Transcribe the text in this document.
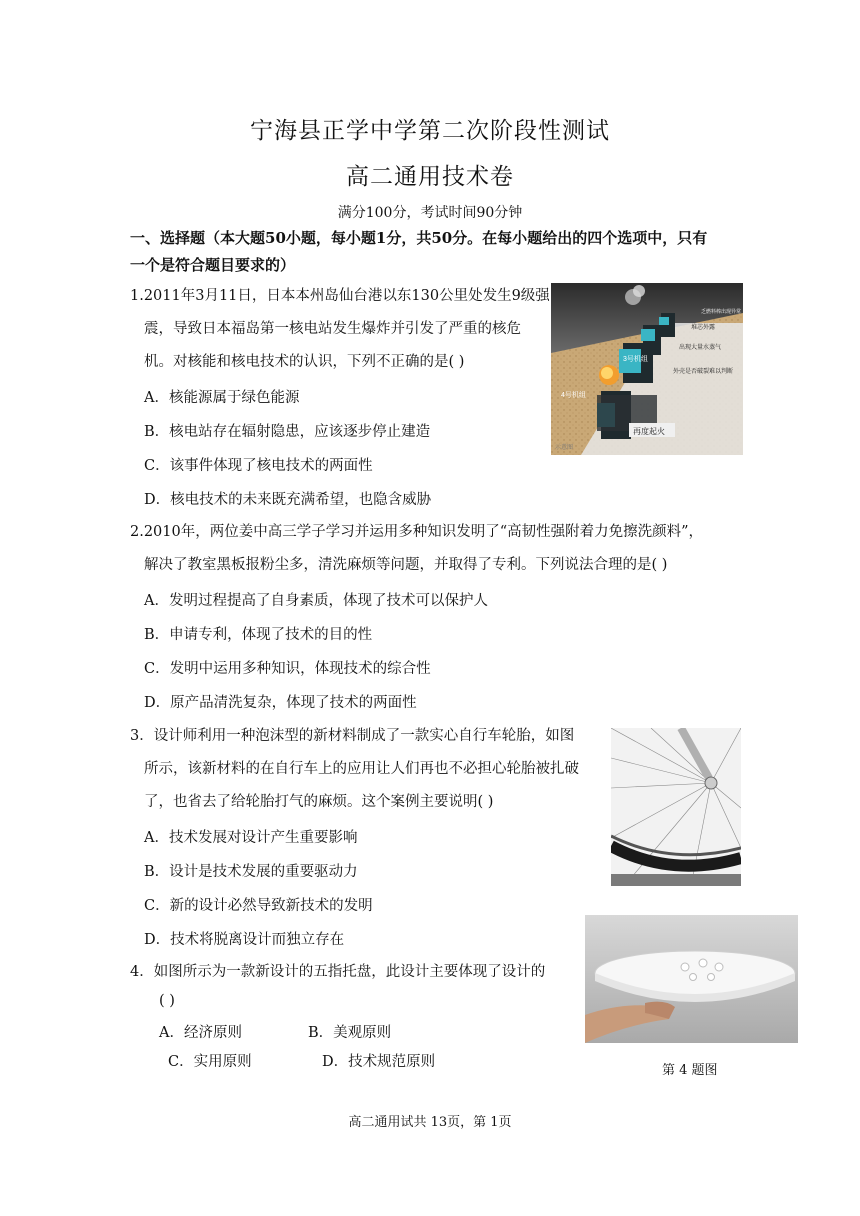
宁海县正学中学第二次阶段性测试
高二通用技术卷
满分100分，考试时间90分钟
一、选择题（本大题50小题，每小题1分，共50分。在每小题给出的四个选项中，只有
一个是符合题目要求的）
1.2011年3月11日，日本本州岛仙台港以东130公里处发生9级强
震，导致日本福岛第一核电站发生爆炸并引发了严重的核危
机。对核能和核电技术的认识，下列不正确的是( )
A．核能源属于绿色能源
B．核电站存在辐射隐患，应该逐步停止建造
C．该事件体现了核电技术的两面性
D．核电技术的未来既充满希望，也隐含威胁
4号机组
3号机组
再度起火
外壳是否破裂难以判断
出现大量水蒸气
堆芯外露
乏燃料棒出现异常
示意图
2.2010年，两位姜中高三学子学习并运用多种知识发明了“高韧性强附着力免擦洗颜料”，
解决了教室黑板报粉尘多，清洗麻烦等问题，并取得了专利。下列说法合理的是( )
A．发明过程提高了自身素质，体现了技术可以保护人
B．申请专利，体现了技术的目的性
C．发明中运用多种知识，体现技术的综合性
D．原产品清洗复杂，体现了技术的两面性
3．设计师利用一种泡沫型的新材料制成了一款实心自行车轮胎，如图
所示，该新材料的在自行车上的应用让人们再也不必担心轮胎被扎破
了，也省去了给轮胎打气的麻烦。这个案例主要说明( )
A．技术发展对设计产生重要影响
B．设计是技术发展的重要驱动力
C．新的设计必然导致新技术的发明
D．技术将脱离设计而独立存在
4．如图所示为一款新设计的五指托盘，此设计主要体现了设计的
( )
A．经济原则	B．美观原则
C．实用原则	D．技术规范原则
第 4 题图
高二通用试共 13页，第 1页
